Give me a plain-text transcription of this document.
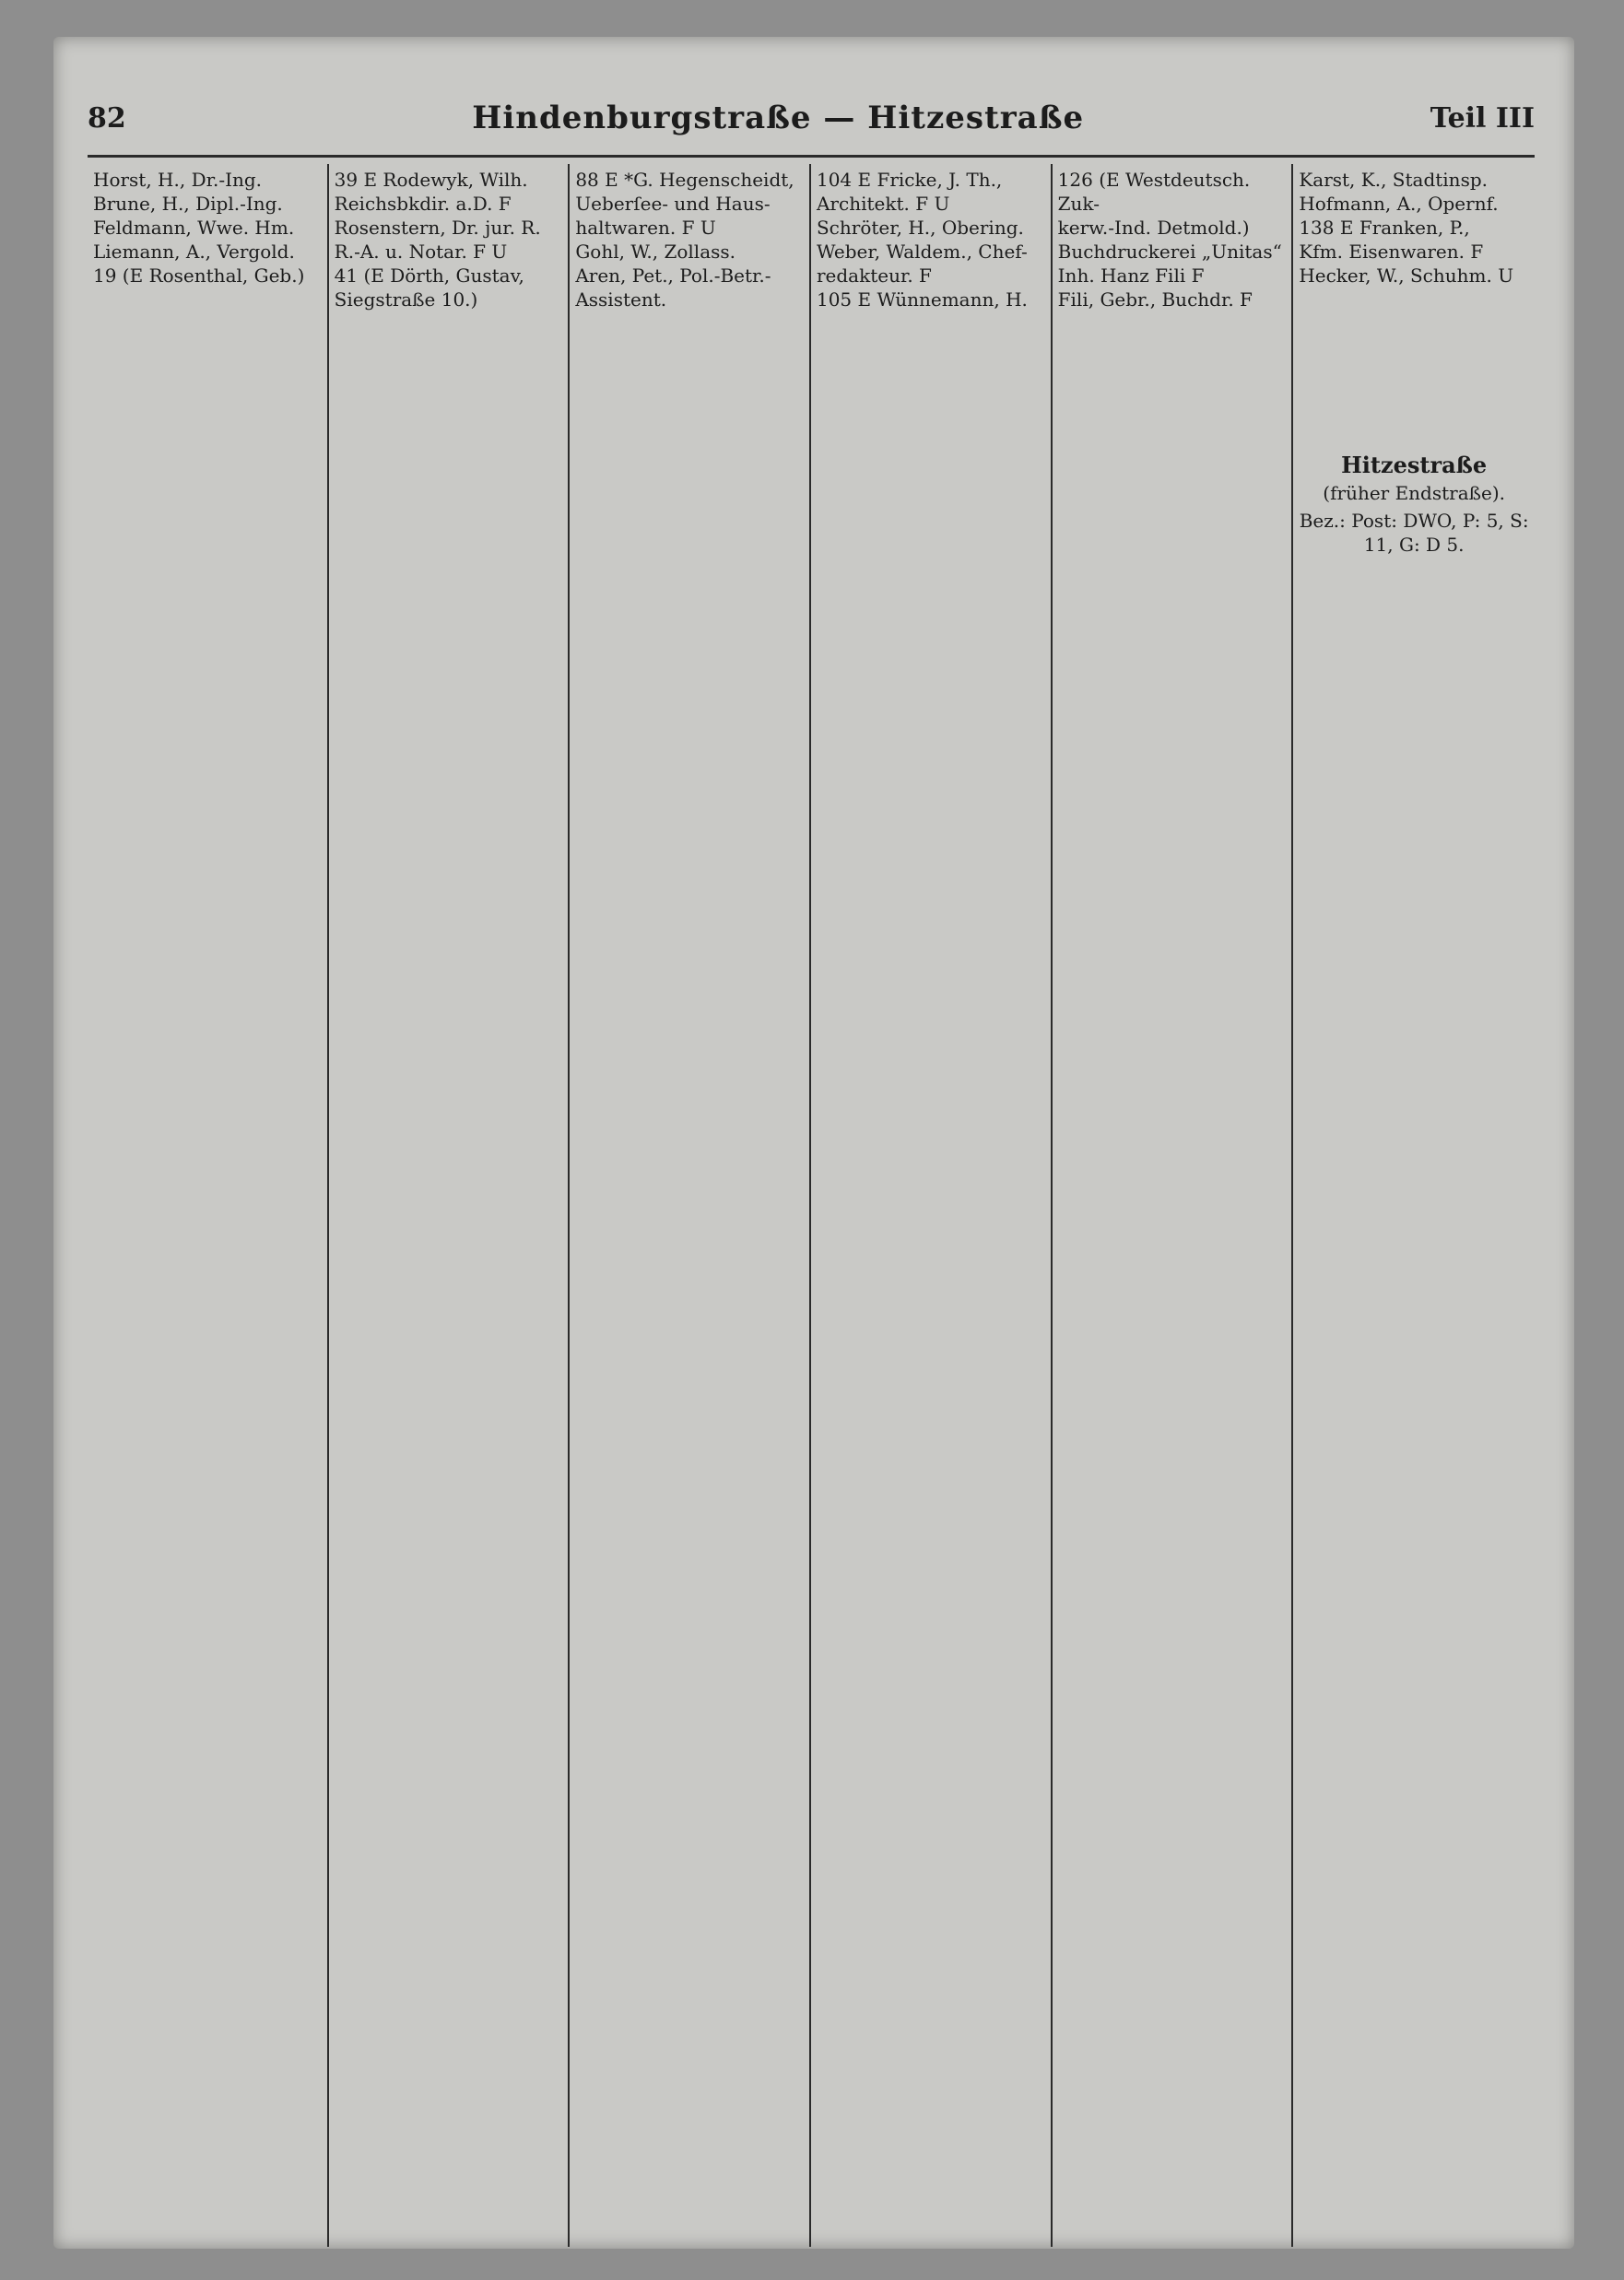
82	Hindenburgstraße — Hitzestraße	Teil III
Horst, H., Dr.-Ing.
Brune, H., Dipl.-Ing.
Feldmann, Wwe. Hm.
Liemann, A., Vergold.
19 (E Rosenthal, Geb.)
39 E Rodewyk, Wilh.
Reichsbkdir. a.D. F
Rosenstern, Dr. jur. R.
R.-A. u. Notar. F U
41 (E Dörth, Gustav,
Siegstraße 10.)
88 E *G. Hegenscheidt,
Ueberſee- und Haus-
haltwaren. F U
Gohl, W., Zollass.
Aren, Pet., Pol.-Betr.-
Assistent.
104 E Fricke, J. Th.,
Architekt. F U
Schröter, H., Obering.
Weber, Waldem., Chef-
redakteur. F
105 E Wünnemann, H.
126 (E Westdeutsch. Zuk-
kerw.-Ind. Detmold.)
Buchdruckerei „Unitas“
Inh. Hanz Fili F
Fili, Gebr., Buchdr. F
Karst, K., Stadtinsp.
Hofmann, A., Opernf.
138 E Franken, P.,
Kfm. Eisenwaren. F
Hecker, W., Schuhm. U
Hitzestraße
(früher Endstraße).
Bez.: Post: DWO, P: 5, S: 11, G: D 5.
